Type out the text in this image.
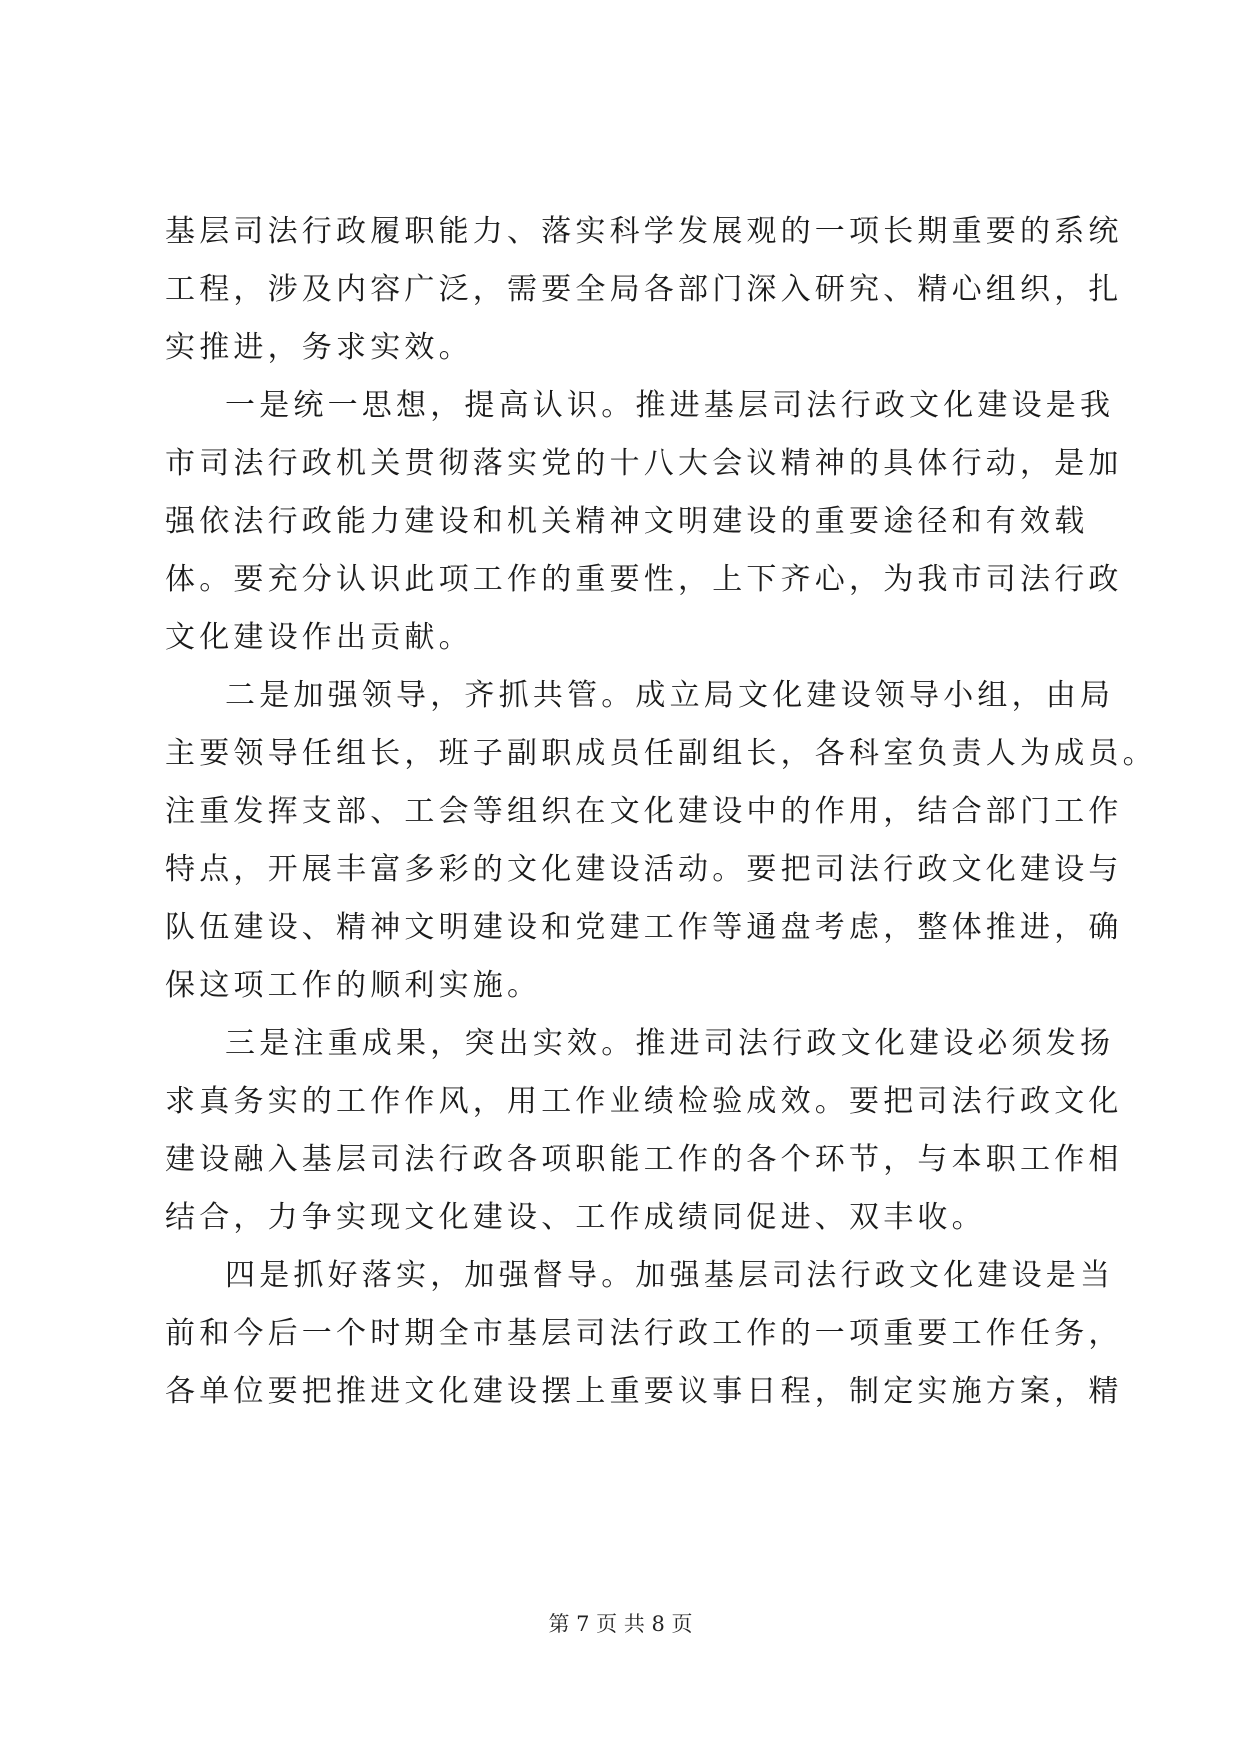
基层司法行政履职能力、落实科学发展观的一项长期重要的系统
工程，涉及内容广泛，需要全局各部门深入研究、精心组织，扎
实推进，务求实效。
一是统一思想，提高认识。推进基层司法行政文化建设是我
市司法行政机关贯彻落实党的十八大会议精神的具体行动，是加
强依法行政能力建设和机关精神文明建设的重要途径和有效载
体。要充分认识此项工作的重要性，上下齐心，为我市司法行政
文化建设作出贡献。
二是加强领导，齐抓共管。成立局文化建设领导小组，由局
主要领导任组长，班子副职成员任副组长，各科室负责人为成员。
注重发挥支部、工会等组织在文化建设中的作用，结合部门工作
特点，开展丰富多彩的文化建设活动。要把司法行政文化建设与
队伍建设、精神文明建设和党建工作等通盘考虑，整体推进，确
保这项工作的顺利实施。
三是注重成果，突出实效。推进司法行政文化建设必须发扬
求真务实的工作作风，用工作业绩检验成效。要把司法行政文化
建设融入基层司法行政各项职能工作的各个环节，与本职工作相
结合，力争实现文化建设、工作成绩同促进、双丰收。
四是抓好落实，加强督导。加强基层司法行政文化建设是当
前和今后一个时期全市基层司法行政工作的一项重要工作任务，
各单位要把推进文化建设摆上重要议事日程，制定实施方案，精
第 7 页 共 8 页
